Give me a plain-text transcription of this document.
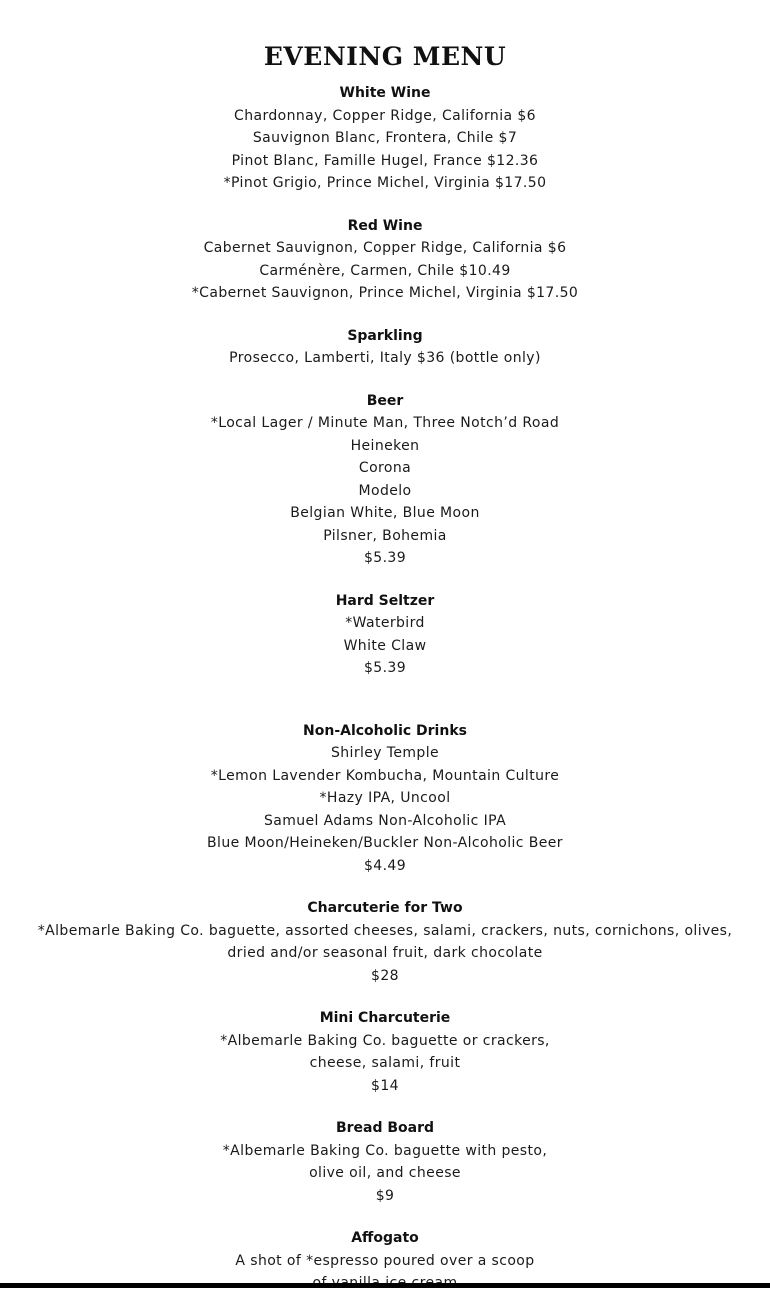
EVENING MENU
White Wine
Chardonnay, Copper Ridge, California $6
Sauvignon Blanc, Frontera, Chile $7
Pinot Blanc, Famille Hugel, France $12.36
*Pinot Grigio, Prince Michel, Virginia $17.50
Red Wine
Cabernet Sauvignon, Copper Ridge, California $6
Carménère, Carmen, Chile $10.49
*Cabernet Sauvignon, Prince Michel, Virginia $17.50
Sparkling
Prosecco, Lamberti, Italy $36 (bottle only)
Beer
*Local Lager / Minute Man, Three Notch’d Road
Heineken
Corona
Modelo
Belgian White, Blue Moon
Pilsner, Bohemia
$5.39
Hard Seltzer
*Waterbird
White Claw
$5.39
Non-Alcoholic Drinks
Shirley Temple
*Lemon Lavender Kombucha, Mountain Culture
*Hazy IPA, Uncool
Samuel Adams Non-Alcoholic IPA
Blue Moon/Heineken/Buckler Non-Alcoholic Beer
$4.49
Charcuterie for Two
*Albemarle Baking Co. baguette, assorted cheeses, salami, crackers, nuts, cornichons, olives, dried and/or seasonal fruit, dark chocolate
$28
Mini Charcuterie
*Albemarle Baking Co. baguette or crackers,
cheese, salami, fruit
$14
Bread Board
*Albemarle Baking Co. baguette with pesto,
olive oil, and cheese
$9
Affogato
A shot of *espresso poured over a scoop
